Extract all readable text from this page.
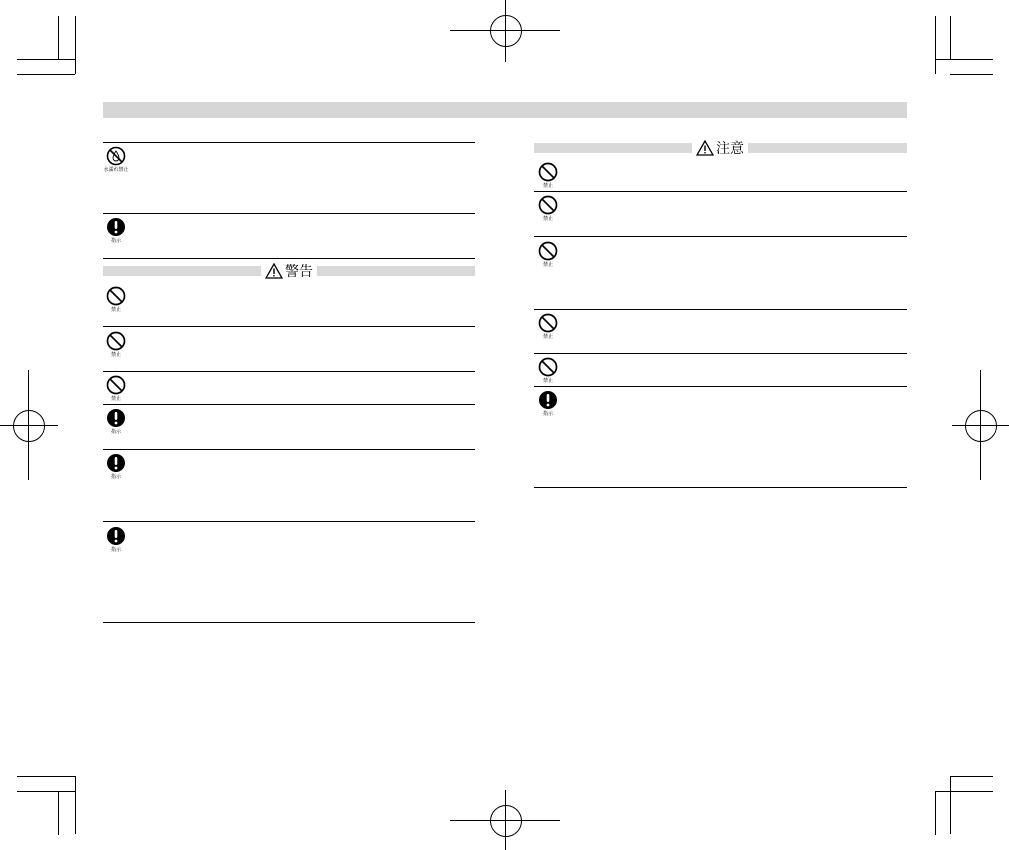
水濡れ禁止
指示
警告
禁止
禁止
禁止
指示
指示
指示
注意
禁止
禁止
禁止
禁止
禁止
指示
